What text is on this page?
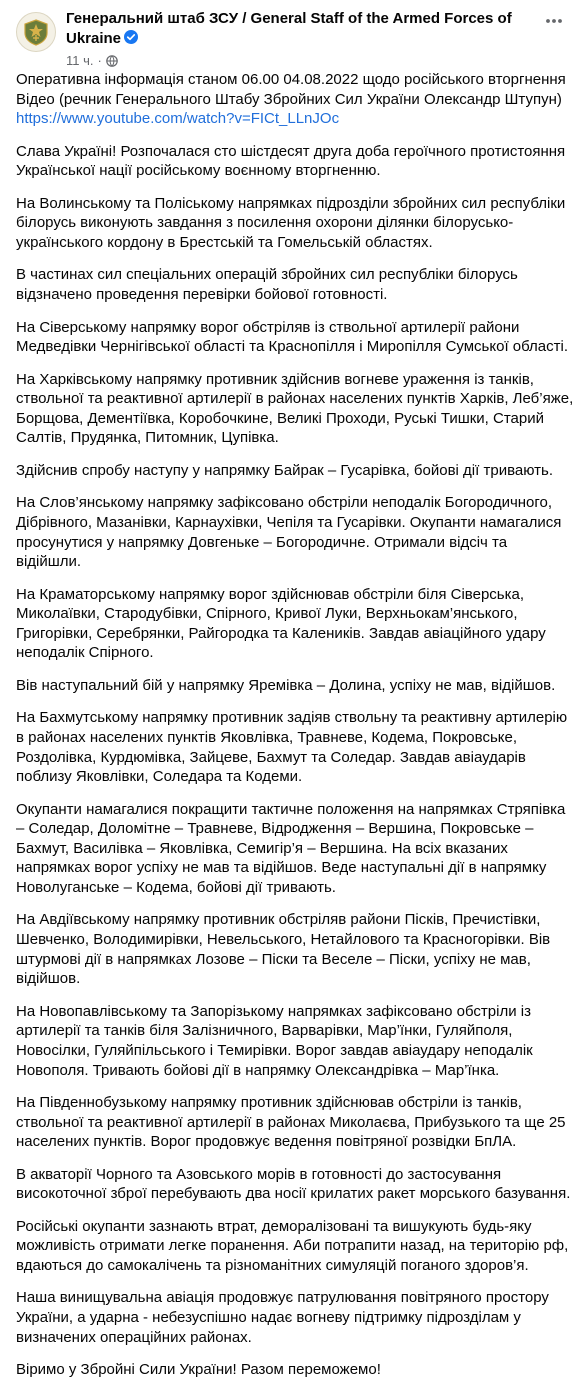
Генеральний штаб ЗСУ / General Staff of the Armed Forces of Ukraine
11 ч. ·

Оперативна інформація станом 06.00 04.08.2022 щодо російського вторгнення
Відео (речник Генерального Штабу Збройних Сил України Олександр Штупун)
https://www.youtube.com/watch?v=FICt_LLnJOc

Слава Україні! Розпочалася сто шістдесят друга доба героїчного протистояння Української нації російському воєнному вторгненню.

На Волинському та Поліському напрямках підрозділи збройних сил республіки білорусь виконують завдання з посилення охорони ділянки білорусько-українського кордону в Брестській та Гомельській областях.

В частинах сил спеціальних операцій збройних сил республіки білорусь відзначено проведення перевірки бойової готовності.

На Сіверському напрямку ворог обстріляв із ствольної артилерії райони Медведівки Чернігівської області та Краснопілля і Миропілля Сумської області.

На Харківському напрямку противник здійснив вогневе ураження із танків, ствольної та реактивної артилерії в районах населених пунктів Харків, Леб’яже, Борщова, Дементіївка, Коробочкине, Великі Проходи, Руські Тишки, Старий Салтів, Прудянка, Питомник, Цупівка.

Здійснив спробу наступу у напрямку Байрак – Гусарівка, бойові дії тривають.

На Слов’янському напрямку зафіксовано обстріли неподалік Богородичного, Дібрівного, Мазанівки, Карнаухівки, Чепіля та Гусарівки. Окупанти намагалися просунутися у напрямку Довгеньке – Богородичне. Отримали відсіч та відійшли.

На Краматорському напрямку ворог здійснював обстріли біля Сіверська, Миколаївки, Стародубівки, Спірного, Кривої Луки, Верхньокам’янського, Григорівки, Серебрянки, Райгородка та Калеників. Завдав авіаційного удару неподалік Спірного.

Вів наступальний бій у напрямку Яремівка – Долина, успіху не мав, відійшов.

На Бахмутському напрямку противник задіяв ствольну та реактивну артилерію в районах населених пунктів Яковлівка, Травневе, Кодема, Покровське, Роздолівка, Курдюмівка, Зайцеве, Бахмут та Соледар. Завдав авіаударів поблизу Яковлівки, Соледара та Кодеми.

Окупанти намагалися покращити тактичне положення на напрямках Стряпівка – Соледар, Доломітне – Травневе, Відродження – Вершина, Покровське – Бахмут, Василівка – Яковлівка, Семигір’я – Вершина. На всіх вказаних напрямках ворог успіху не мав та відійшов. Веде наступальні дії в напрямку Новолуганське – Кодема, бойові дії тривають.

На Авдіївському напрямку противник обстріляв райони Пісків, Пречистівки, Шевченко, Володимирівки, Невельського, Нетайлового та Красногорівки. Вів штурмові дії в напрямках Лозове – Піски та Веселе – Піски, успіху не мав, відійшов.

На Новопавлівському та Запорізькому напрямках зафіксовано обстріли із артилерії та танків біля Залізничного, Варварівки, Мар’їнки, Гуляйполя, Новосілки, Гуляйпільського і Темирівки. Ворог завдав авіаудару неподалік Новополя. Тривають бойові дії в напрямку Олександрівка – Мар’їнка.

На Південнобузькому напрямку противник здійснював обстріли із танків, ствольної та реактивної артилерії в районах Миколаєва, Прибузького та ще 25 населених пунктів. Ворог продовжує ведення повітряної розвідки БпЛА.

В акваторії Чорного та Азовського морів в готовності до застосування високоточної зброї перебувають два носії крилатих ракет морського базування.

Російські окупанти зазнають втрат, деморалізовані та вишукують будь-яку можливість отримати легке поранення. Аби потрапити назад, на територію рф, вдаються до самокалічень та різноманітних симуляцій поганого здоров’я.

Наша винищувальна авіація продовжує патрулювання повітряного простору України, а ударна - небезуспішно надає вогневу підтримку підрозділам у визначених операційних районах.

Віримо у Збройні Сили України! Разом переможемо!
